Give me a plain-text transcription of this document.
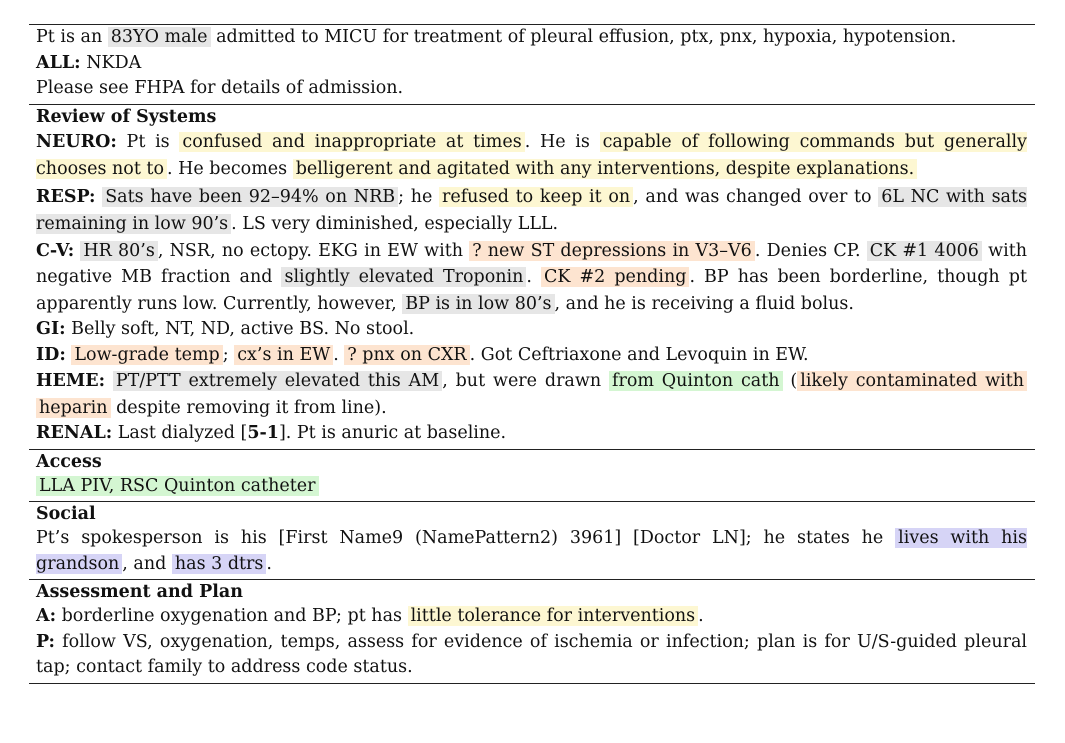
Pt is an 83YO male admitted to MICU for treatment of pleural effusion, ptx, pnx, hypoxia, hypotension.

ALL: NKDA

Please see FHPA for details of admission.

Review of Systems

NEURO: Pt is confused and inappropriate at times . He is capable of following commands but generally chooses not to . He becomes belligerent and agitated with any interventions, despite explanations.

RESP: Sats have been 92–94% on NRB ; he refused to keep it on , and was changed over to 6L NC with sats remaining in low 90’s . LS very diminished, especially LLL.

C-V: HR 80’s , NSR, no ectopy. EKG in EW with ? new ST depressions in V3–V6 . Denies CP. CK #1 4006 with negative MB fraction and slightly elevated Troponin . CK #2 pending . BP has been borderline, though pt apparently runs low. Currently, however, BP is in low 80’s , and he is receiving a fluid bolus.

GI: Belly soft, NT, ND, active BS. No stool.

ID: Low-grade temp ; cx’s in EW . ? pnx on CXR . Got Ceftriaxone and Levoquin in EW.

HEME: PT/PTT extremely elevated this AM , but were drawn from Quinton cath ( likely contaminated with heparin despite removing it from line).

RENAL: Last dialyzed [5-1]. Pt is anuric at baseline.

Access

LLA PIV, RSC Quinton catheter

Social

Pt’s spokesperson is his [First Name9 (NamePattern2) 3961] [Doctor LN]; he states he lives with his grandson , and has 3 dtrs .

Assessment and Plan

A: borderline oxygenation and BP; pt has little tolerance for interventions .

P: follow VS, oxygenation, temps, assess for evidence of ischemia or infection; plan is for U/S-guided pleural tap; contact family to address code status.
